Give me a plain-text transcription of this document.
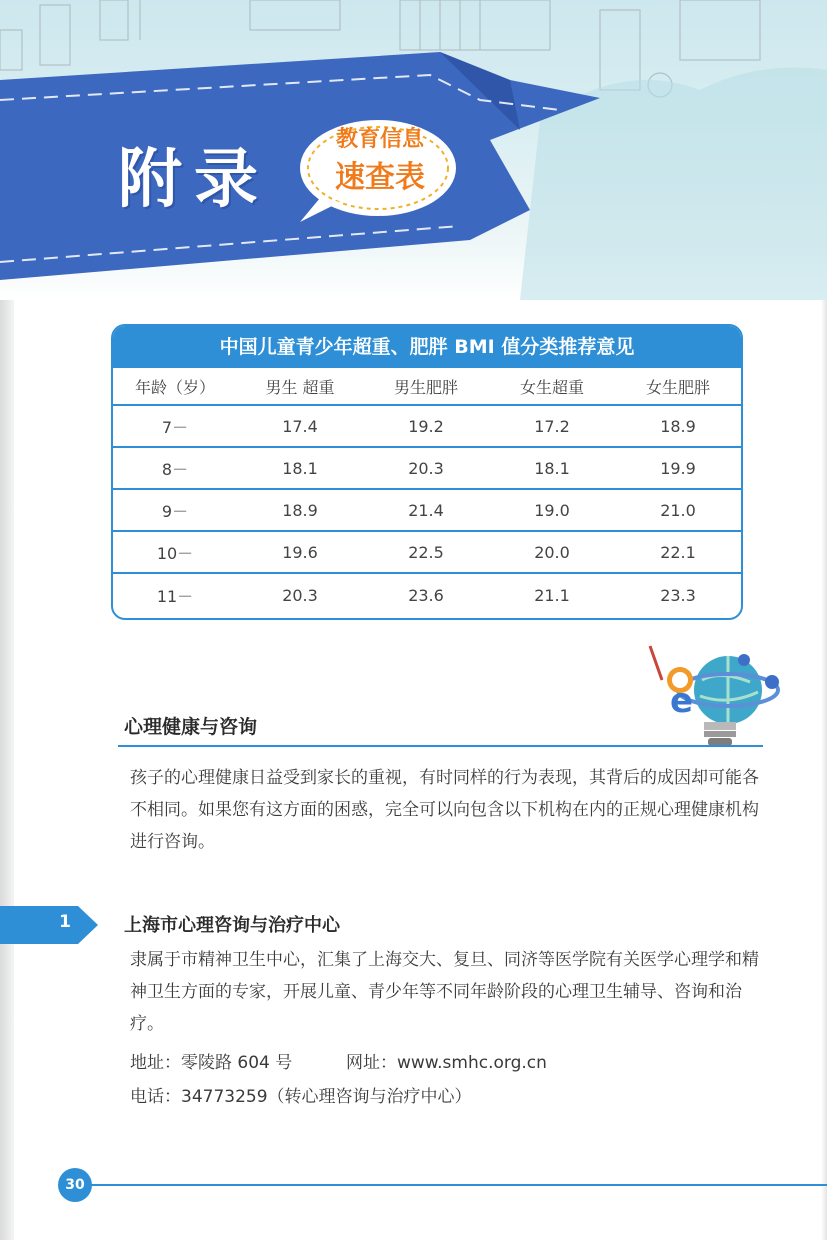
附录
教育信息
速查表
中国儿童青少年超重、肥胖 BMI 值分类推荐意见
年龄（岁）	男生 超重	男生肥胖	女生超重	女生肥胖
7－	17.4	19.2	17.2	18.9
8－	18.1	20.3	18.1	19.9
9－	18.9	21.4	19.0	21.0
10－	19.6	22.5	20.0	22.1
11－	20.3	23.6	21.1	23.3
e
心理健康与咨询
孩子的心理健康日益受到家长的重视，有时同样的行为表现，其背后的成因却可能各不相同。如果您有这方面的困惑，完全可以向包含以下机构在内的正规心理健康机构进行咨询。
1	上海市心理咨询与治疗中心
隶属于市精神卫生中心，汇集了上海交大、复旦、同济等医学院有关医学心理学和精神卫生方面的专家，开展儿童、青少年等不同年龄阶段的心理卫生辅导、咨询和治疗。
地址：零陵路 604 号	网址：www.smhc.org.cn
电话：34773259（转心理咨询与治疗中心）
30
